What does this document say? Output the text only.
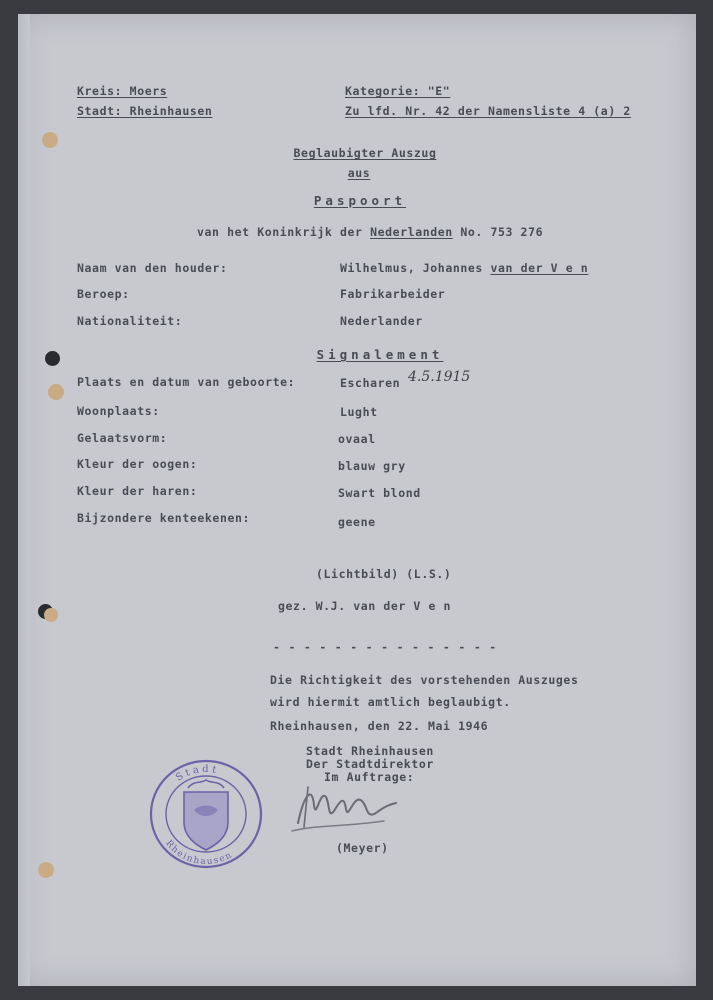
Kreis: Moers
Stadt: Rheinhausen
Kategorie: "E"
Zu lfd. Nr. 42 der Namensliste 4 (a) 2
Beglaubigter Auszug
aus
Paspoort
van het Koninkrijk der Nederlanden No. 753 276
Naam van den houder:	Wilhelmus, Johannes van der V e n
Beroep:	Fabrikarbeider
Nationaliteit:	Nederlander
Signalement
Plaats en datum van geboorte:	Escharen 4.5.1915
Woonplaats:	Lught
Gelaatsvorm:	ovaal
Kleur der oogen:	blauw gry
Kleur der haren:	Swart blond
Bijzondere kenteekenen:	geene
(Lichtbild) (L.S.)
gez. W.J. van der V e n
- - - - - - - - - - - - - - -
Die Richtigkeit des vorstehenden Auszuges
wird hiermit amtlich beglaubigt.
Rheinhausen, den 22. Mai 1946
Stadt Rheinhausen
Der Stadtdirektor
Im Auftrage:
(Meyer)
Stadt
Rheinhausen
